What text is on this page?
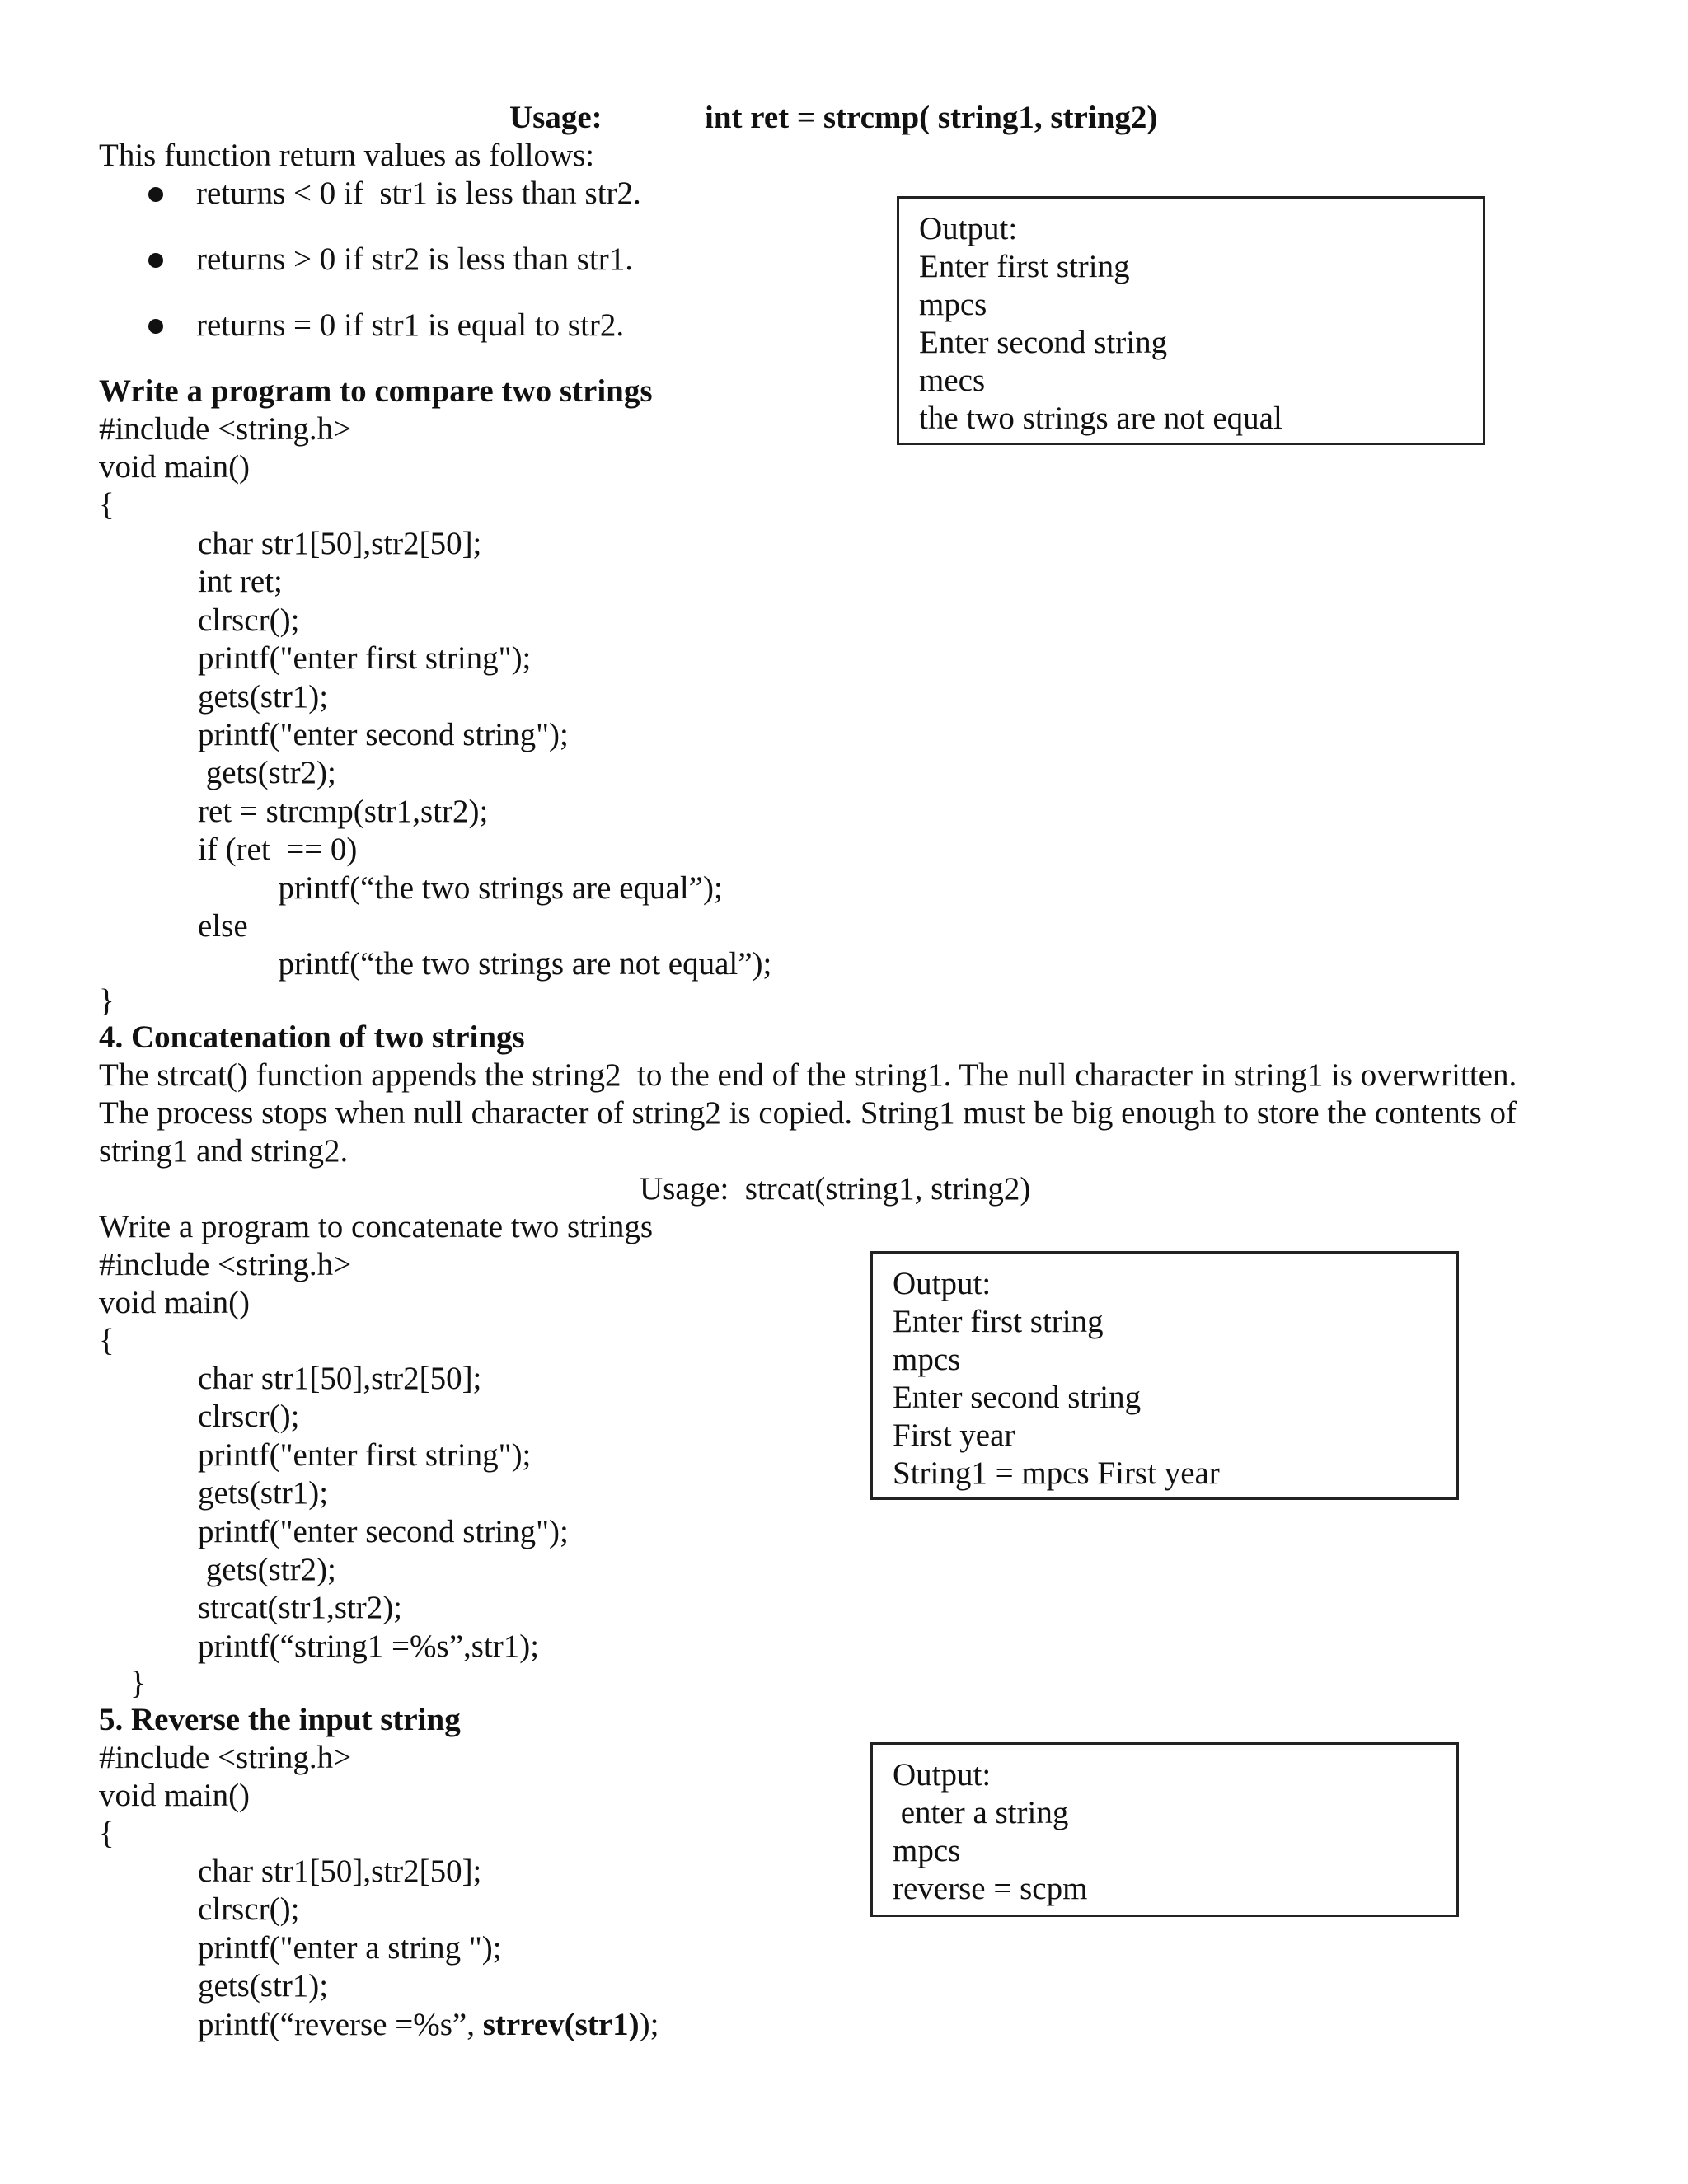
Usage:	int ret = strcmp( string1, string2)
This function return values as follows:
returns < 0 if  str1 is less than str2.
returns > 0 if str2 is less than str1.
returns = 0 if str1 is equal to str2.
Write a program to compare two strings
#include <string.h>
void main()
{
char str1[50],str2[50];
int ret;
clrscr();
printf("enter first string");
gets(str1);
printf("enter second string");
gets(str2);
ret = strcmp(str1,str2);
if (ret  == 0)
printf(“the two strings are equal”);
else
printf(“the two strings are not equal”);
}
Output:
Enter first string
mpcs
Enter second string
mecs
the two strings are not equal
4. Concatenation of two strings
The strcat() function appends the string2  to the end of the string1. The null character in string1 is overwritten.
The process stops when null character of string2 is copied. String1 must be big enough to store the contents of
string1 and string2.
Usage:  strcat(string1, string2)
Write a program to concatenate two strings
#include <string.h>
void main()
{
char str1[50],str2[50];
clrscr();
printf("enter first string");
gets(str1);
printf("enter second string");
gets(str2);
strcat(str1,str2);
printf(“string1 =%s”,str1);
}
Output:
Enter first string
mpcs
Enter second string
First year
String1 = mpcs First year
5. Reverse the input string
#include <string.h>
void main()
{
char str1[50],str2[50];
clrscr();
printf("enter a string ");
gets(str1);
printf(“reverse =%s”, strrev(str1));
Output:
enter a string
mpcs
reverse = scpm
